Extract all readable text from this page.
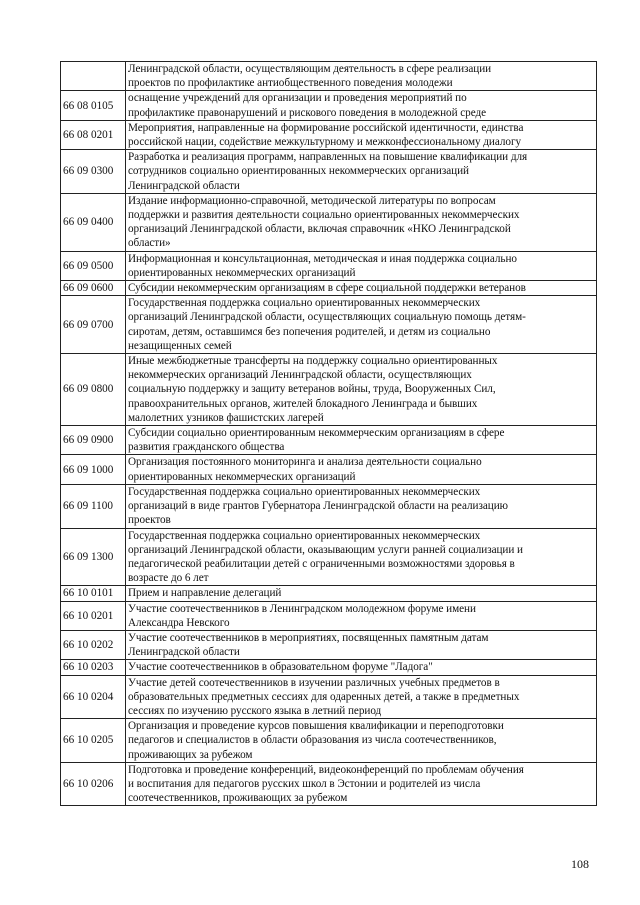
	Ленинградской области, осуществляющим деятельность в сфере реализации
проектов по профилактике антиобщественного поведения молодежи

66 08 0105	оснащение учреждений для организации и проведения мероприятий по
профилактике правонарушений и рискового поведения в молодежной среде

66 08 0201	Мероприятия, направленные на формирование российской идентичности, единства
российской нации, содействие межкультурному и межконфессиональному диалогу

66 09 0300	Разработка и реализация программ, направленных на повышение квалификации для
сотрудников социально ориентированных некоммерческих организаций
Ленинградской области

66 09 0400	Издание информационно-справочной, методической литературы по вопросам
поддержки и развития деятельности социально ориентированных некоммерческих
организаций Ленинградской области, включая справочник «НКО Ленинградской
области»

66 09 0500	Информационная и консультационная, методическая и иная поддержка социально
ориентированных некоммерческих организаций

66 09 0600	Субсидии некоммерческим организациям в сфере социальной поддержки ветеранов

66 09 0700	Государственная поддержка социально ориентированных некоммерческих
организаций Ленинградской области, осуществляющих социальную помощь детям-
сиротам, детям, оставшимся без попечения родителей, и детям из социально
незащищенных семей

66 09 0800	Иные межбюджетные трансферты на поддержку социально ориентированных
некоммерческих организаций Ленинградской области, осуществляющих
социальную поддержку и защиту ветеранов войны, труда, Вооруженных Сил,
правоохранительных органов, жителей блокадного Ленинграда и бывших
малолетних узников фашистских лагерей

66 09 0900	Субсидии социально ориентированным некоммерческим организациям в сфере
развития гражданского общества

66 09 1000	Организация постоянного мониторинга и анализа деятельности социально
ориентированных некоммерческих организаций

66 09 1100	Государственная поддержка социально ориентированных некоммерческих
организаций в виде грантов Губернатора Ленинградской области на реализацию
проектов

66 09 1300	Государственная поддержка социально ориентированных некоммерческих
организаций Ленинградской области, оказывающим услуги ранней социализации и
педагогической реабилитации детей с ограниченными возможностями здоровья в
возрасте до 6 лет

66 10 0101	Прием и направление делегаций

66 10 0201	Участие соотечественников в Ленинградском молодежном форуме имени
Александра Невского

66 10 0202	Участие соотечественников в мероприятиях, посвященных памятным датам
Ленинградской области

66 10 0203	Участие соотечественников в образовательном форуме "Ладога"

66 10 0204	Участие детей соотечественников в изучении различных учебных предметов в
образовательных предметных сессиях для одаренных детей, а также в предметных
сессиях по изучению русского языка в летний период

66 10 0205	Организация и проведение курсов повышения квалификации и переподготовки
педагогов и специалистов в области образования из числа соотечественников,
проживающих за рубежом

66 10 0206	Подготовка и проведение конференций, видеоконференций по проблемам обучения
и воспитания для педагогов русских школ в Эстонии и родителей из числа
соотечественников, проживающих за рубежом
108
